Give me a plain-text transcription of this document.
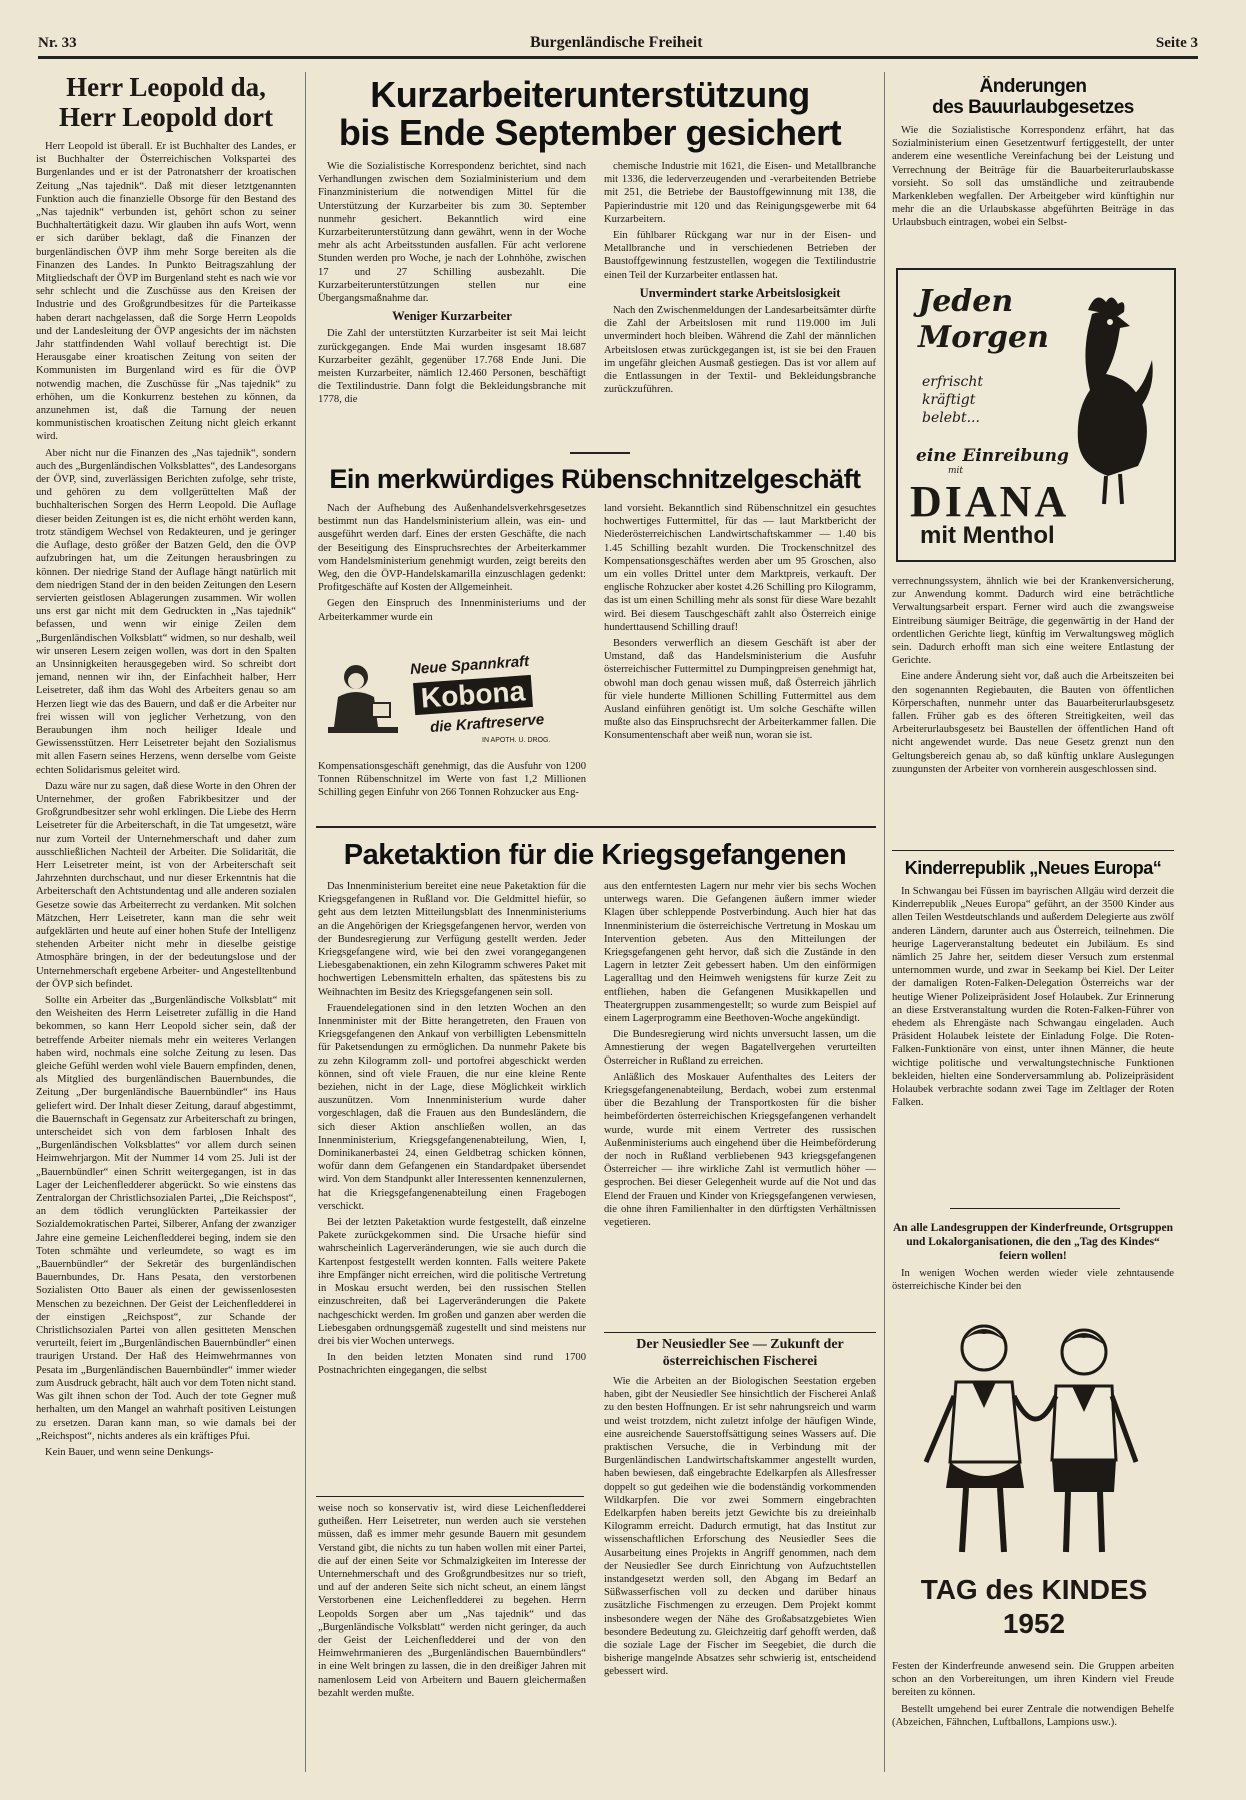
Nr. 33	Burgenländische Freiheit	Seite 3
Herr Leopold da,
Herr Leopold dort

Herr Leopold ist überall. Er ist Buchhalter des Landes, er ist Buchhalter der Österreichischen Volkspartei des Burgenlandes und er ist der Patronatsherr der kroatischen Zeitung „Nas tajednik“. Daß mit dieser letztgenannten Funktion auch die finanzielle Obsorge für den Bestand des „Nas tajednik“ verbunden ist, gehört schon zu seiner Buchhaltertätigkeit dazu. Wir glauben ihn aufs Wort, wenn er sich darüber beklagt, daß die Finanzen der burgenländischen ÖVP ihm mehr Sorge bereiten als die Finanzen des Landes. In Punkto Beitragszahlung der Mitgliedschaft der ÖVP im Burgenland steht es nach wie vor sehr schlecht und die Zuschüsse aus den Kreisen der Industrie und des Großgrundbesitzes für die Parteikasse haben derart nachgelassen, daß die Sorge Herrn Leopolds und der Landesleitung der ÖVP angesichts der im nächsten Jahr stattfindenden Wahl vollauf berechtigt ist. Die Herausgabe einer kroatischen Zeitung von seiten der Kommunisten im Burgenland wird es für die ÖVP notwendig machen, die Zuschüsse für „Nas tajednik“ zu erhöhen, um die Konkurrenz bestehen zu können, da anzunehmen ist, daß die Tarnung der neuen kommunistischen kroatischen Zeitung nicht gleich erkannt wird.

Aber nicht nur die Finanzen des „Nas tajednik“, sondern auch des „Burgenländischen Volksblattes“, des Landesorgans der ÖVP, sind, zuverlässigen Berichten zufolge, sehr triste, und gehören zu dem vollgerüttelten Maß der buchhalterischen Sorgen des Herrn Leopold. Die Auflage dieser beiden Zeitungen ist es, die nicht erhöht werden kann, trotz ständigem Wechsel von Redakteuren, und je geringer die Auflage, desto größer der Batzen Geld, den die ÖVP aufzubringen hat, um die Zeitungen herausbringen zu können. Der niedrige Stand der Auflage hängt natürlich mit dem niedrigen Stand der in den beiden Zeitungen den Lesern servierten geistlosen Ablagerungen zusammen. Wir wollen uns erst gar nicht mit dem Gedruckten in „Nas tajednik“ befassen, und wenn wir einige Zeilen dem „Burgenländischen Volksblatt“ widmen, so nur deshalb, weil wir unseren Lesern zeigen wollen, was dort in den Spalten an Unsinnigkeiten herausgegeben wird. So schreibt dort jemand, nennen wir ihn, der Einfachheit halber, Herr Leisetreter, daß ihm das Wohl des Arbeiters genau so am Herzen liegt wie das des Bauern, und daß er die Arbeiter nur frei wissen will von jeglicher Verhetzung, von den Beraubungen ihm noch heiliger Ideale und Gewissensstützen. Herr Leisetreter bejaht den Sozialismus mit allen Fasern seines Herzens, wenn derselbe vom Geiste echten Solidarismus geleitet wird.

Dazu wäre nur zu sagen, daß diese Worte in den Ohren der Unternehmer, der großen Fabrikbesitzer und der Großgrundbesitzer sehr wohl erklingen. Die Liebe des Herrn Leisetreter für die Arbeiterschaft, in die Tat umgesetzt, wäre nur zum Vorteil der Unternehmerschaft und daher zum ausschließlichen Nachteil der Arbeiter. Die Solidarität, die Herr Leisetreter meint, ist von der Arbeiterschaft seit Jahrzehnten durchschaut, und nur dieser Erkenntnis hat die Arbeiterschaft den Achtstundentag und alle anderen sozialen Gesetze sowie das Arbeiterrecht zu verdanken. Mit solchen Mätzchen, Herr Leisetreter, kann man die sehr weit aufgeklärten und heute auf einer hohen Stufe der Intelligenz stehenden Arbeiter nicht mehr in dieselbe geistige Atmosphäre bringen, in der der bedeutungslose und der Unternehmerschaft ergebene Arbeiter- und Angestelltenbund der ÖVP sich befindet.

Sollte ein Arbeiter das „Burgenländische Volksblatt“ mit den Weisheiten des Herrn Leisetreter zufällig in die Hand bekommen, so kann Herr Leopold sicher sein, daß der betreffende Arbeiter niemals mehr ein weiteres Verlangen haben wird, nochmals eine solche Zeitung zu lesen. Das gleiche Gefühl werden wohl viele Bauern empfinden, denen, als Mitglied des burgenländischen Bauernbundes, die Zeitung „Der burgenländische Bauernbündler“ ins Haus geliefert wird. Der Inhalt dieser Zeitung, darauf abgestimmt, die Bauernschaft in Gegensatz zur Arbeiterschaft zu bringen, unterscheidet sich von dem farblosen Inhalt des „Burgenländischen Volksblattes“ vor allem durch seinen Heimwehrjargon. Mit der Nummer 14 vom 25. Juli ist der „Bauernbündler“ einen Schritt weitergegangen, ist in das Lager der Leichenfledderer abgerückt. So wie einstens das Zentralorgan der Christlichsozialen Partei, „Die Reichspost“, an dem tödlich verunglückten Parteikassier der Sozialdemokratischen Partei, Silberer, Anfang der zwanziger Jahre eine gemeine Leichenfledderei beging, indem sie den Toten schmähte und verleumdete, so wagt es im „Bauernbündler“ der Sekretär des burgenländischen Bauernbundes, Dr. Hans Pesata, den verstorbenen Sozialisten Otto Bauer als einen der gewissenlosesten Menschen zu bezeichnen. Der Geist der Leichenfledderei in der einstigen „Reichspost“, zur Schande der Christlichsozialen Partei von allen gesitteten Menschen verurteilt, feiert im „Burgenländischen Bauernbündler“ einen traurigen Urstand. Der Haß des Heimwehrmannes von Pesata im „Burgenländischen Bauernbündler“ immer wieder zum Ausdruck gebracht, hält auch vor dem Toten nicht stand. Was gilt ihnen schon der Tod. Auch der tote Gegner muß herhalten, um den Mangel an wahrhaft positiven Leistungen zu ersetzen. Daran kann man, so wie damals bei der „Reichspost“, nichts anderes als ein kräftiges Pfui.

Kein Bauer, und wenn seine Denkungs-

Kurzarbeiterunterstützung
bis Ende September gesichert

Wie die Sozialistische Korrespondenz berichtet, sind nach Verhandlungen zwischen dem Sozialministerium und dem Finanzministerium die notwendigen Mittel für die Unterstützung der Kurzarbeiter bis zum 30. September nunmehr gesichert. Bekanntlich wird eine Kurzarbeiterunterstützung dann gewährt, wenn in der Woche mehr als acht Arbeitsstunden ausfallen. Für acht verlorene Stunden werden pro Woche, je nach der Lohnhöhe, zwischen 17 und 27 Schilling ausbezahlt. Die Kurzarbeiterunterstützungen stellen nur eine Übergangsmaßnahme dar.

Weniger Kurzarbeiter

Die Zahl der unterstützten Kurzarbeiter ist seit Mai leicht zurückgegangen. Ende Mai wurden insgesamt 18.687 Kurzarbeiter gezählt, gegenüber 17.768 Ende Juni. Die meisten Kurzarbeiter, nämlich 12.460 Personen, beschäftigt die Textilindustrie. Dann folgt die Bekleidungsbranche mit 1778, die

chemische Industrie mit 1621, die Eisen- und Metallbranche mit 1336, die lederverzeugenden und -verarbeitenden Betriebe mit 251, die Betriebe der Baustoffgewinnung mit 138, die Papierindustrie mit 120 und das Reinigungsgewerbe mit 64 Kurzarbeitern.

Ein fühlbarer Rückgang war nur in der Eisen- und Metallbranche und in verschiedenen Betrieben der Baustoffgewinnung festzustellen, wogegen die Textilindustrie einen Teil der Kurzarbeiter entlassen hat.

Unvermindert starke Arbeitslosigkeit

Nach den Zwischenmeldungen der Landesarbeitsämter dürfte die Zahl der Arbeitslosen mit rund 119.000 im Juli unvermindert hoch bleiben. Während die Zahl der männlichen Arbeitslosen etwas zurückgegangen ist, ist sie bei den Frauen im ungefähr gleichen Ausmaß gestiegen. Das ist vor allem auf die Entlassungen in der Textil- und Bekleidungsbranche zurückzuführen.

Ein merkwürdiges Rübenschnitzelgeschäft

Nach der Aufhebung des Außenhandelsverkehrsgesetzes bestimmt nun das Handelsministerium allein, was ein- und ausgeführt werden darf. Eines der ersten Geschäfte, die nach der Beseitigung des Einspruchsrechtes der Arbeiterkammer vom Handelsministerium genehmigt wurden, zeigt bereits den Weg, den die ÖVP-Handelskamarilla einzuschlagen gedenkt: Profitgeschäfte auf Kosten der Allgemeinheit.

Gegen den Einspruch des Innenministeriums und der Arbeiterkammer wurde ein

Neue Spannkraft
Kobona
die Kraftreserve
IN APOTH. U. DROG.

Kompensationsgeschäft genehmigt, das die Ausfuhr von 1200 Tonnen Rübenschnitzel im Werte von fast 1,2 Millionen Schilling gegen Einfuhr von 266 Tonnen Rohzucker aus Eng-

land vorsieht. Bekanntlich sind Rübenschnitzel ein gesuchtes hochwertiges Futtermittel, für das — laut Marktbericht der Niederösterreichischen Landwirtschaftskammer — 1.40 bis 1.45 Schilling bezahlt wurden. Die Trockenschnitzel des Kompensationsgeschäftes werden aber um 95 Groschen, also um ein volles Drittel unter dem Marktpreis, verkauft. Der englische Rohzucker aber kostet 4.26 Schilling pro Kilogramm, das ist um einen Schilling mehr als sonst für diese Ware bezahlt wird. Bei diesem Tauschgeschäft zahlt also Österreich einige hunderttausend Schilling drauf!

Besonders verwerflich an diesem Geschäft ist aber der Umstand, daß das Handelsministerium die Ausfuhr österreichischer Futtermittel zu Dumpingpreisen genehmigt hat, obwohl man doch genau wissen muß, daß Österreich jährlich für viele hunderte Millionen Schilling Futtermittel aus dem Ausland einführen genötigt ist. Um solche Geschäfte willen mußte also das Einspruchsrecht der Arbeiterkammer fallen. Die Konsumentenschaft aber weiß nun, woran sie ist.

Paketaktion für die Kriegsgefangenen

Das Innenministerium bereitet eine neue Paketaktion für die Kriegsgefangenen in Rußland vor. Die Geldmittel hiefür, so geht aus dem letzten Mitteilungsblatt des Innenministeriums an die Angehörigen der Kriegsgefangenen hervor, werden von der Bundesregierung zur Verfügung gestellt werden. Jeder Kriegsgefangene wird, wie bei den zwei vorangegangenen Liebesgabenaktionen, ein zehn Kilogramm schweres Paket mit hochwertigen Lebensmitteln erhalten, das spätestens bis zu Weihnachten im Besitz des Kriegsgefangenen sein soll.

Frauendelegationen sind in den letzten Wochen an den Innenminister mit der Bitte herangetreten, den Frauen von Kriegsgefangenen den Ankauf von verbilligten Lebensmitteln für Paketsendungen zu ermöglichen. Da nunmehr Pakete bis zu zehn Kilogramm zoll- und portofrei abgeschickt werden können, sind oft viele Frauen, die nur eine kleine Rente beziehen, nicht in der Lage, diese Möglichkeit wirklich auszunützen. Vom Innenministerium wurde daher vorgeschlagen, daß die Frauen aus den Bundesländern, die sich dieser Aktion anschließen wollen, an das Innenministerium, Kriegsgefangenenabteilung, Wien, I, Dominikanerbastei 24, einen Geldbetrag schicken können, wofür dann dem Gefangenen ein Standardpaket übersendet wird. Von dem Standpunkt aller Interessenten kennenzulernen, hat die Kriegsgefangenenabteilung einen Fragebogen verschickt.

Bei der letzten Paketaktion wurde festgestellt, daß einzelne Pakete zurückgekommen sind. Die Ursache hiefür sind wahrscheinlich Lagerveränderungen, wie sie auch durch die Kartenpost festgestellt werden konnten. Falls weitere Pakete ihre Empfänger nicht erreichen, wird die politische Vertretung in Moskau ersucht werden, bei den russischen Stellen einzuschreiten, daß bei Lagerveränderungen die Pakete nachgeschickt werden. Im großen und ganzen aber werden die Liebesgaben ordnungsgemäß zugestellt und sind meistens nur drei bis vier Wochen unterwegs.

In den beiden letzten Monaten sind rund 1700 Postnachrichten eingegangen, die selbst

aus den entferntesten Lagern nur mehr vier bis sechs Wochen unterwegs waren. Die Gefangenen äußern immer wieder Klagen über schleppende Postverbindung. Auch hier hat das Innenministerium die österreichische Vertretung in Moskau um Intervention gebeten. Aus den Mitteilungen der Kriegsgefangenen geht hervor, daß sich die Zustände in den Lagern in letzter Zeit gebessert haben. Um den einförmigen Lageralltag und den Heimweh wenigstens für kurze Zeit zu entfliehen, haben die Gefangenen Musikkapellen und Theatergruppen zusammengestellt; so wurde zum Beispiel auf einem Lagerprogramm eine Beethoven-Woche angekündigt.

Die Bundesregierung wird nichts unversucht lassen, um die Amnestierung der wegen Bagatellvergehen verurteilten Österreicher in Rußland zu erreichen.

Anläßlich des Moskauer Aufenthaltes des Leiters der Kriegsgefangenenabteilung, Berdach, wobei zum erstenmal über die Bezahlung der Transportkosten für die bisher heimbeförderten österreichischen Kriegsgefangenen verhandelt wurde, wurde mit einem Vertreter des russischen Außenministeriums auch eingehend über die Heimbeförderung der noch in Rußland verbliebenen 943 kriegsgefangenen Österreicher — ihre wirkliche Zahl ist vermutlich höher — gesprochen. Bei dieser Gelegenheit wurde auf die Not und das Elend der Frauen und Kinder von Kriegsgefangenen verwiesen, die ohne ihren Familienhalter in den dürftigsten Verhältnissen vegetieren.

weise noch so konservativ ist, wird diese Leichenfledderei gutheißen. Herr Leisetreter, nun werden auch sie verstehen müssen, daß es immer mehr gesunde Bauern mit gesundem Verstand gibt, die nichts zu tun haben wollen mit einer Partei, die auf der einen Seite vor Schmalzigkeiten im Interesse der Unternehmerschaft und des Großgrundbesitzes nur so trieft, und auf der anderen Seite sich nicht scheut, an einem längst Verstorbenen eine Leichenfledderei zu begehen. Herrn Leopolds Sorgen aber um „Nas tajednik“ und das „Burgenländische Volksblatt“ werden nicht geringer, da auch der Geist der Leichenfledderei und der von den Heimwehrmanieren des „Burgenländischen Bauernbündlers“ in eine Welt bringen zu lassen, die in den dreißiger Jahren mit namenlosem Leid von Arbeitern und Bauern gleichermaßen bezahlt werden mußte.

Der Neusiedler See — Zukunft der
österreichischen Fischerei

Wie die Arbeiten an der Biologischen Seestation ergeben haben, gibt der Neusiedler See hinsichtlich der Fischerei Anlaß zu den besten Hoffnungen. Er ist sehr nahrungsreich und warm und weist trotzdem, nicht zuletzt infolge der häufigen Winde, eine ausreichende Sauerstoffsättigung seines Wassers auf. Die praktischen Versuche, die in Verbindung mit der Burgenländischen Landwirtschaftskammer angestellt wurden, haben bewiesen, daß eingebrachte Edelkarpfen als Allesfresser doppelt so gut gedeihen wie die bodenständig vorkommenden Wildkarpfen. Die vor zwei Sommern eingebrachten Edelkarpfen haben bereits jetzt Gewichte bis zu dreieinhalb Kilogramm erreicht. Dadurch ermutigt, hat das Institut zur wissenschaftlichen Erforschung des Neusiedler Sees die Ausarbeitung eines Projekts in Angriff genommen, nach dem der Neusiedler See durch Einrichtung von Aufzuchtstellen instandgesetzt werden soll, den Abgang im Bedarf an Süßwasserfischen voll zu decken und darüber hinaus zusätzliche Fischmengen zu erzeugen. Dem Projekt kommt insbesondere wegen der Nähe des Großabsatzgebietes Wien besondere Bedeutung zu. Gleichzeitig darf gehofft werden, daß die soziale Lage der Fischer im Seegebiet, die durch die bisherige mangelnde Absatzes sehr schwierig ist, entscheidend gebessert wird.

Änderungen
des Bauurlaubgesetzes

Wie die Sozialistische Korrespondenz erfährt, hat das Sozialministerium einen Gesetzentwurf fertiggestellt, der unter anderem eine wesentliche Vereinfachung bei der Leistung und Verrechnung der Beiträge für die Bauarbeiterurlaubskasse vorsieht. So soll das umständliche und zeitraubende Markenkleben wegfallen. Der Arbeitgeber wird künftighin nur mehr die an die Urlaubskasse abgeführten Beiträge in das Urlaubsbuch eintragen, wobei ein Selbst-

Jeden
Morgen
erfrischt
kräftigt
belebt...
eine Einreibung
mit
DIANA
mit Menthol

verrechnungssystem, ähnlich wie bei der Krankenversicherung, zur Anwendung kommt. Dadurch wird eine beträchtliche Verwaltungsarbeit erspart. Ferner wird auch die zwangsweise Eintreibung säumiger Beiträge, die gegenwärtig in der Hand der ordentlichen Gerichte liegt, künftig im Verwaltungsweg möglich sein. Dadurch erhofft man sich eine weitere Entlastung der Gerichte.

Eine andere Änderung sieht vor, daß auch die Arbeitszeiten bei den sogenannten Regiebauten, die Bauten von öffentlichen Körperschaften, nunmehr unter das Bauarbeiterurlaubsgesetz fallen. Früher gab es des öfteren Streitigkeiten, weil das Arbeiterurlaubsgesetz bei Baustellen der öffentlichen Hand oft nicht angewendet wurde. Das neue Gesetz grenzt nun den Geltungsbereich genau ab, so daß künftig unklare Auslegungen zuungunsten der Arbeiter von vornherein ausgeschlossen sind.

Kinderrepublik „Neues Europa“

In Schwangau bei Füssen im bayrischen Allgäu wird derzeit die Kinderrepublik „Neues Europa“ geführt, an der 3500 Kinder aus allen Teilen Westdeutschlands und außerdem Delegierte aus zwölf anderen Ländern, darunter auch aus Österreich, teilnehmen. Die heurige Lagerveranstaltung bedeutet ein Jubiläum. Es sind nämlich 25 Jahre her, seitdem dieser Versuch zum erstenmal unternommen wurde, und zwar in Seekamp bei Kiel. Der Leiter der damaligen Roten-Falken-Delegation Österreichs war der heutige Wiener Polizeipräsident Josef Holaubek. Zur Erinnerung an diese Erstveranstaltung wurden die Roten-Falken-Führer von ehedem als Ehrengäste nach Schwangau eingeladen. Auch Präsident Holaubek leistete der Einladung Folge. Die Roten-Falken-Funktionäre von einst, unter ihnen Männer, die heute wichtige politische und verwaltungstechnische Funktionen bekleiden, hielten eine Sonderversammlung ab. Polizeipräsident Holaubek verbrachte sodann zwei Tage im Zeltlager der Roten Falken.

An alle Landesgruppen der Kinderfreunde, Ortsgruppen und Lokalorganisationen, die den „Tag des Kindes“ feiern wollen!

In wenigen Wochen werden wieder viele zehntausende österreichische Kinder bei den

TAG des KINDES
1952

Festen der Kinderfreunde anwesend sein. Die Gruppen arbeiten schon an den Vorbereitungen, um ihren Kindern viel Freude bereiten zu können.

Bestellt umgehend bei eurer Zentrale die notwendigen Behelfe (Abzeichen, Fähnchen, Luftballons, Lampions usw.).
